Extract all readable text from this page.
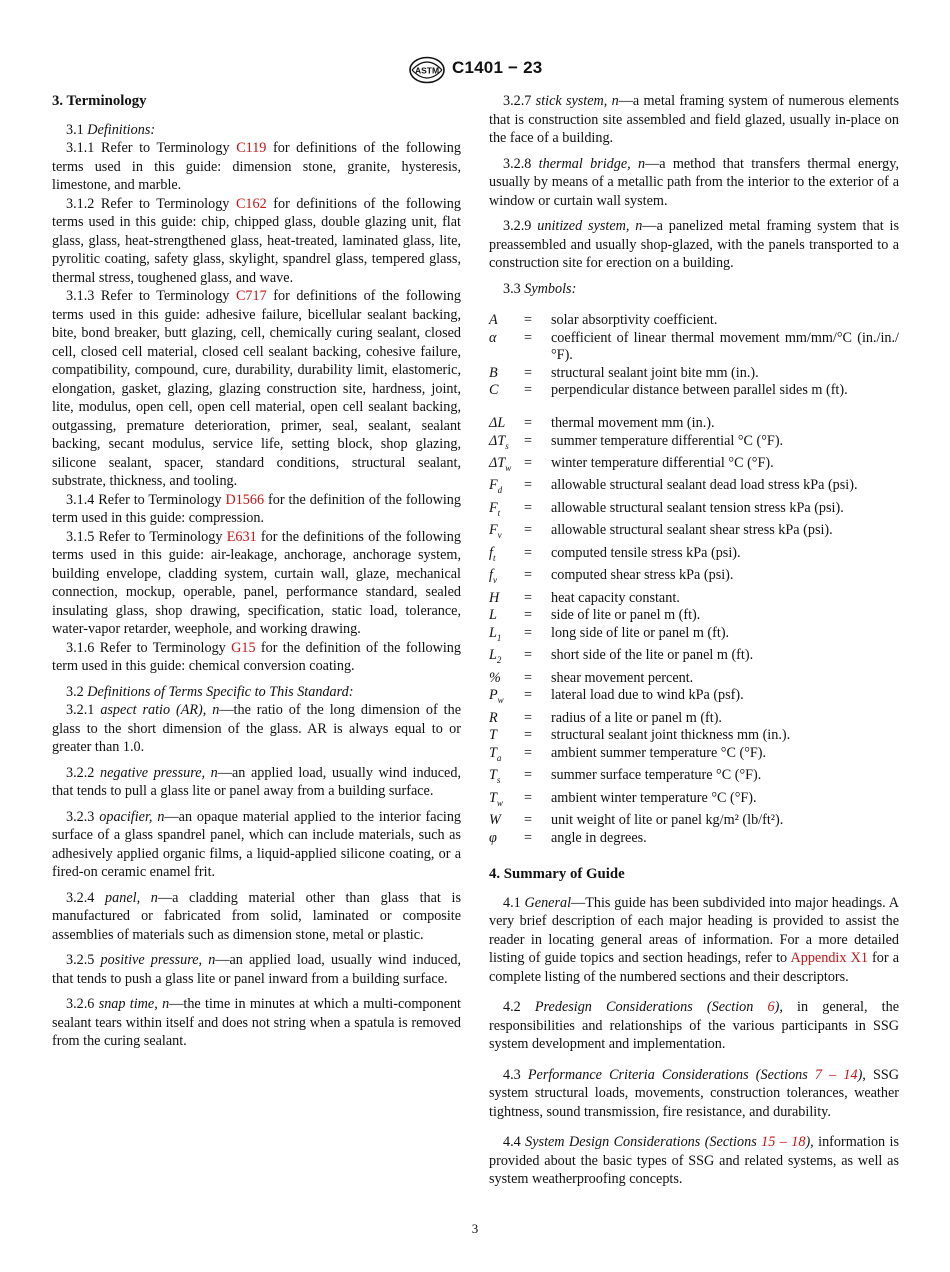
ASTM C1401 − 23
3. Terminology

3.1 Definitions:

3.1.1 Refer to Terminology C119 for definitions of the following terms used in this guide: dimension stone, granite, hysteresis, limestone, and marble.

3.1.2 Refer to Terminology C162 for definitions of the following terms used in this guide: chip, chipped glass, double glazing unit, flat glass, glass, heat-strengthened glass, heat-treated, laminated glass, lite, pyrolitic coating, safety glass, skylight, spandrel glass, tempered glass, thermal stress, toughened glass, and wave.

3.1.3 Refer to Terminology C717 for definitions of the following terms used in this guide: adhesive failure, bicellular sealant backing, bite, bond breaker, butt glazing, cell, chemically curing sealant, closed cell, closed cell material, closed cell sealant backing, cohesive failure, compatibility, compound, cure, durability, durability limit, elastomeric, elongation, gasket, glazing, glazing construction site, hardness, joint, lite, modulus, open cell, open cell material, open cell sealant backing, outgassing, premature deterioration, primer, seal, sealant, sealant backing, secant modulus, service life, setting block, shop glazing, silicone sealant, spacer, standard conditions, structural sealant, substrate, thickness, and tooling.

3.1.4 Refer to Terminology D1566 for the definition of the following term used in this guide: compression.

3.1.5 Refer to Terminology E631 for the definitions of the following terms used in this guide: air-leakage, anchorage, anchorage system, building envelope, cladding system, curtain wall, glaze, mechanical connection, mockup, operable, panel, performance standard, sealed insulating glass, shop drawing, specification, static load, tolerance, water-vapor retarder, weephole, and working drawing.

3.1.6 Refer to Terminology G15 for the definition of the following term used in this guide: chemical conversion coating.

3.2 Definitions of Terms Specific to This Standard:

3.2.1 aspect ratio (AR), n—the ratio of the long dimension of the glass to the short dimension of the glass. AR is always equal to or greater than 1.0.

3.2.2 negative pressure, n—an applied load, usually wind induced, that tends to pull a glass lite or panel away from a building surface.

3.2.3 opacifier, n—an opaque material applied to the interior facing surface of a glass spandrel panel, which can include materials, such as adhesively applied organic films, a liquid-applied silicone coating, or a fired-on ceramic enamel frit.

3.2.4 panel, n—a cladding material other than glass that is manufactured or fabricated from solid, laminated or composite assemblies of materials such as dimension stone, metal or plastic.

3.2.5 positive pressure, n—an applied load, usually wind induced, that tends to push a glass lite or panel inward from a building surface.

3.2.6 snap time, n—the time in minutes at which a multi-component sealant tears within itself and does not string when a spatula is removed from the curing sealant.

3.2.7 stick system, n—a metal framing system of numerous elements that is construction site assembled and field glazed, usually in-place on the face of a building.

3.2.8 thermal bridge, n—a method that transfers thermal energy, usually by means of a metallic path from the interior to the exterior of a window or curtain wall system.

3.2.9 unitized system, n—a panelized metal framing system that is preassembled and usually shop-glazed, with the panels transported to a construction site for erection on a building.

3.3 Symbols:

A	=	solar absorptivity coefficient.
α	=	coefficient of linear thermal movement mm/mm/°C (in./in./°F).
B	=	structural sealant joint bite mm (in.).
C	=	perpendicular distance between parallel sides m (ft).
ΔL	=	thermal movement mm (in.).
$\Delta T_s$	=	summer temperature differential °C (°F).
$\Delta T_w$ =	winter temperature differential °C (°F).
$F_d$	=	allowable structural sealant dead load stress kPa (psi).
$F_t$	=	allowable structural sealant tension stress kPa (psi).
$F_v$	=	allowable structural sealant shear stress kPa (psi).
$f_t$	=	computed tensile stress kPa (psi).
$f_v$	=	computed shear stress kPa (psi).
H	=	heat capacity constant.
L	=	side of lite or panel m (ft).
$L_1$	=	long side of lite or panel m (ft).
$L_2$	=	short side of the lite or panel m (ft).
%	=	shear movement percent.
$P_w$	=	lateral load due to wind kPa (psf).
R	=	radius of a lite or panel m (ft).
T	=	structural sealant joint thickness mm (in.).
$T_a$	=	ambient summer temperature °C (°F).
$T_s$	=	summer surface temperature °C (°F).
$T_w$	=	ambient winter temperature °C (°F).
W	=	unit weight of lite or panel kg/m² (lb/ft²).
φ	=	angle in degrees.
4. Summary of Guide

4.1 General—This guide has been subdivided into major headings. A very brief description of each major heading is provided to assist the reader in locating general areas of information. For a more detailed listing of guide topics and section headings, refer to Appendix X1 for a complete listing of the numbered sections and their descriptors.

4.2 Predesign Considerations (Section 6), in general, the responsibilities and relationships of the various participants in SSG system development and implementation.

4.3 Performance Criteria Considerations (Sections 7 – 14), SSG system structural loads, movements, construction tolerances, weather tightness, sound transmission, fire resistance, and durability.

4.4 System Design Considerations (Sections 15 – 18), information is provided about the basic types of SSG and related systems, as well as system weatherproofing concepts.

3
